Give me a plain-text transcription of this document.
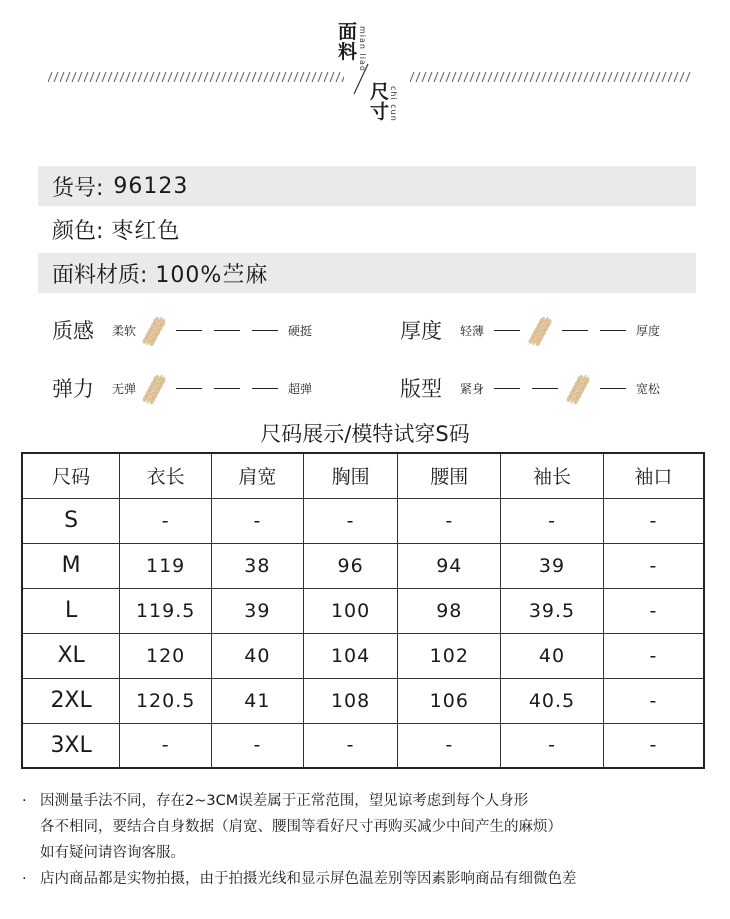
面料
mian liao
尺寸
chi cun
货号: 96123
颜色: 枣红色
面料材质: 100%苎麻
质感	柔软	硬挺	厚度	轻薄	厚度
弹力	无弹	超弹	版型	紧身	宽松
尺码展示/模特试穿S码
尺码	衣长	肩宽	胸围	腰围	袖长	袖口
S	-	-	-	-	-	-
M	119	38	96	94	39	-
L	119.5	39	100	98	39.5	-
XL	120	40	104	102	40	-
2XL	120.5	41	108	106	40.5	-
3XL	-	-	-	-	-	-
· 因测量手法不同，存在2~3CM误差属于正常范围，望见谅考虑到每个人身形
各不相同，要结合自身数据（肩宽、腰围等看好尺寸再购买减少中间产生的麻烦）
如有疑问请咨询客服。
· 店内商品都是实物拍摄，由于拍摄光线和显示屏色温差别等因素影响商品有细微色差
